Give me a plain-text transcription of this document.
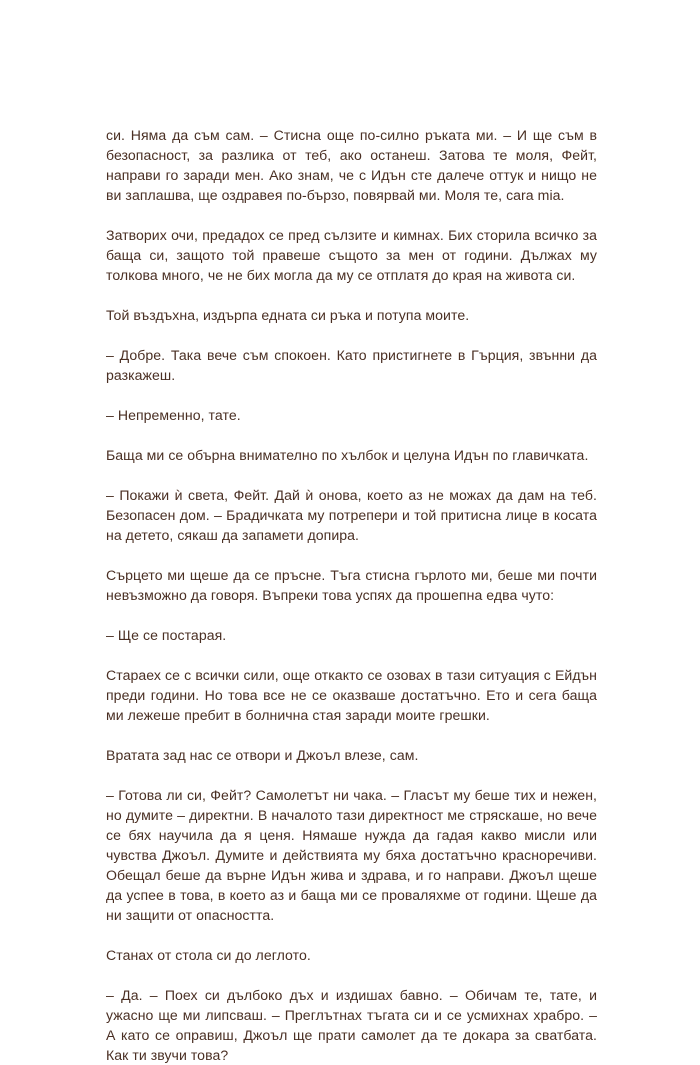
си. Няма да съм сам. – Стисна още по-силно ръката ми. – И ще съм в безопасност, за разлика от теб, ако останеш. Затова те моля, Фейт, направи го заради мен. Ако знам, че с Идън сте далече оттук и нищо не ви заплашва, ще оздравея по-бързо, повярвай ми. Моля те, cara mia.

Затворих очи, предадох се пред сълзите и кимнах. Бих сторила всичко за баща си, защото той правеше същото за мен от години. Дължах му толкова много, че не бих могла да му се отплатя до края на живота си.

Той въздъхна, издърпа едната си ръка и потупа моите.

– Добре. Така вече съм спокоен. Като пристигнете в Гърция, звънни да разкажеш.

– Непременно, тате.

Баща ми се обърна внимателно по хълбок и целуна Идън по главичката.

– Покажи ѝ света, Фейт. Дай ѝ онова, което аз не можах да дам на теб. Безопасен дом. – Брадичката му потрепери и той притисна лице в косата на детето, сякаш да запамети допира.

Сърцето ми щеше да се пръсне. Тъга стисна гърлото ми, беше ми почти невъзможно да говоря. Въпреки това успях да прошепна едва чуто:

– Ще се постарая.

Стараех се с всички сили, още откакто се озовах в тази ситуация с Ейдън преди години. Но това все не се оказваше достатъчно. Ето и сега баща ми лежеше пребит в болнична стая заради моите грешки.

Вратата зад нас се отвори и Джоъл влезе, сам.

– Готова ли си, Фейт? Самолетът ни чака. – Гласът му беше тих и нежен, но думите – директни. В началото тази директност ме стряскаше, но вече се бях научила да я ценя. Нямаше нужда да гадая какво мисли или чувства Джоъл. Думите и действията му бяха достатъчно красноречиви. Обещал беше да върне Идън жива и здрава, и го направи. Джоъл щеше да успее в това, в което аз и баща ми се проваляхме от години. Щеше да ни защити от опасността.

Станах от стола си до леглото.

– Да. – Поех си дълбоко дъх и издишах бавно. – Обичам те, тате, и ужасно ще ми липсваш. – Преглътнах тъгата си и се усмихнах храбро. – А като се оправиш, Джоъл ще прати самолет да те докара за сватбата. Как ти звучи това?
